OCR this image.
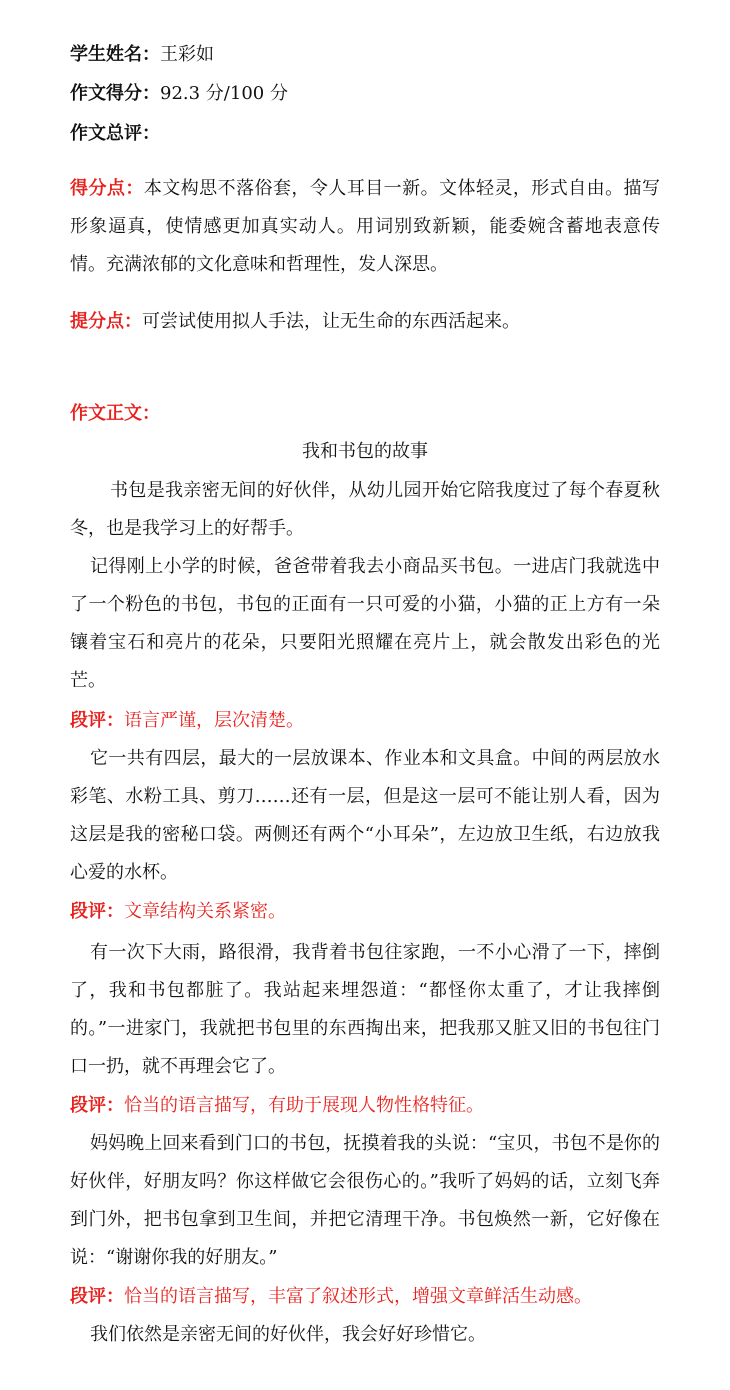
学生姓名：王彩如
作文得分：92.3 分/100 分
作文总评：

得分点：本文构思不落俗套，令人耳目一新。文体轻灵，形式自由。描写形象逼真，使情感更加真实动人。用词别致新颖，能委婉含蓄地表意传情。充满浓郁的文化意味和哲理性，发人深思。

提分点：可尝试使用拟人手法，让无生命的东西活起来。

作文正文：
我和书包的故事

书包是我亲密无间的好伙伴，从幼儿园开始它陪我度过了每个春夏秋冬，也是我学习上的好帮手。

记得刚上小学的时候，爸爸带着我去小商品买书包。一进店门我就选中了一个粉色的书包，书包的正面有一只可爱的小猫，小猫的正上方有一朵镶着宝石和亮片的花朵，只要阳光照耀在亮片上，就会散发出彩色的光芒。

段评：语言严谨，层次清楚。

它一共有四层，最大的一层放课本、作业本和文具盒。中间的两层放水彩笔、水粉工具、剪刀……还有一层，但是这一层可不能让别人看，因为这层是我的密秘口袋。两侧还有两个“小耳朵”，左边放卫生纸，右边放我心爱的水杯。

段评：文章结构关系紧密。

有一次下大雨，路很滑，我背着书包往家跑，一不小心滑了一下，摔倒了，我和书包都脏了。我站起来埋怨道：“都怪你太重了，才让我摔倒的。”一进家门，我就把书包里的东西掏出来，把我那又脏又旧的书包往门口一扔，就不再理会它了。

段评：恰当的语言描写，有助于展现人物性格特征。

妈妈晚上回来看到门口的书包，抚摸着我的头说：“宝贝，书包不是你的好伙伴，好朋友吗？你这样做它会很伤心的。”我听了妈妈的话，立刻飞奔到门外，把书包拿到卫生间，并把它清理干净。书包焕然一新，它好像在说：“谢谢你我的好朋友。”

段评：恰当的语言描写，丰富了叙述形式，增强文章鲜活生动感。

我们依然是亲密无间的好伙伴，我会好好珍惜它。
